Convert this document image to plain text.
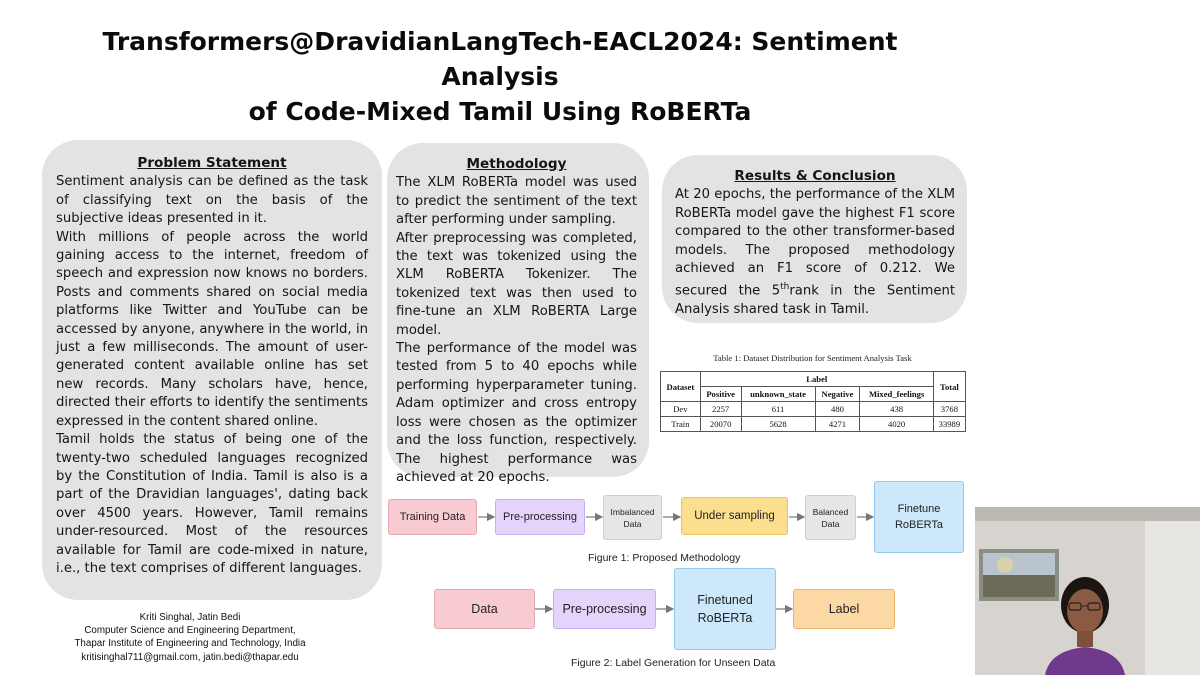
Transformers@DravidianLangTech-EACL2024: Sentiment Analysis
of Code-Mixed Tamil Using RoBERTa
Problem Statement

Sentiment analysis can be defined as the task of classifying text on the basis of the subjective ideas presented in it.

With millions of people across the world gaining access to the internet, freedom of speech and expression now knows no borders. Posts and comments shared on social media platforms like Twitter and YouTube can be accessed by anyone, anywhere in the world, in just a few milliseconds. The amount of user-generated content available online has set new records. Many scholars have, hence, directed their efforts to identify the sentiments expressed in the content shared online.

Tamil holds the status of being one of the twenty-two scheduled languages recognized by the Constitution of India. Tamil is also is a part of the Dravidian languages', dating back over 4500 years. However, Tamil remains under-resourced. Most of the resources available for Tamil are code-mixed in nature, i.e., the text comprises of different languages.

Methodology

The XLM RoBERTa model was used to predict the sentiment of the text after performing under sampling.

After preprocessing was completed, the text was tokenized using the XLM RoBERTA Tokenizer. The tokenized text was then used to fine-tune an XLM RoBERTA Large model.

The performance of the model was tested from 5 to 40 epochs while performing hyperparameter tuning. Adam optimizer and cross entropy loss were chosen as the optimizer and the loss function, respectively. The highest performance was achieved at 20 epochs.

Results & Conclusion

At 20 epochs, the performance of the XLM RoBERTa model gave the highest F1 score compared to the other transformer-based models. The proposed methodology achieved an F1 score of 0.212. We secured the 5thrank in the Sentiment Analysis shared task in Tamil.

Table 1: Dataset Distribution for Sentiment Analysis Task
Dataset	Label				Total
	Positive	unknown_state	Negative	Mixed_feelings	
Dev	2257	611	480	438	3768
Train	20070	5628	4271	4020	33989
Training Data	Pre-processing	Imbalanced Data
Under sampling	Balanced Data
Finetune RoBERTa
Figure 1: Proposed Methodology
Data	Pre-processing
Finetuned RoBERTa
Label
Figure 2: Label Generation for Unseen Data
Kriti Singhal, Jatin Bedi
Computer Science and Engineering Department,
Thapar Institute of Engineering and Technology, India
kritisinghal711@gmail.com, jatin.bedi@thapar.edu
